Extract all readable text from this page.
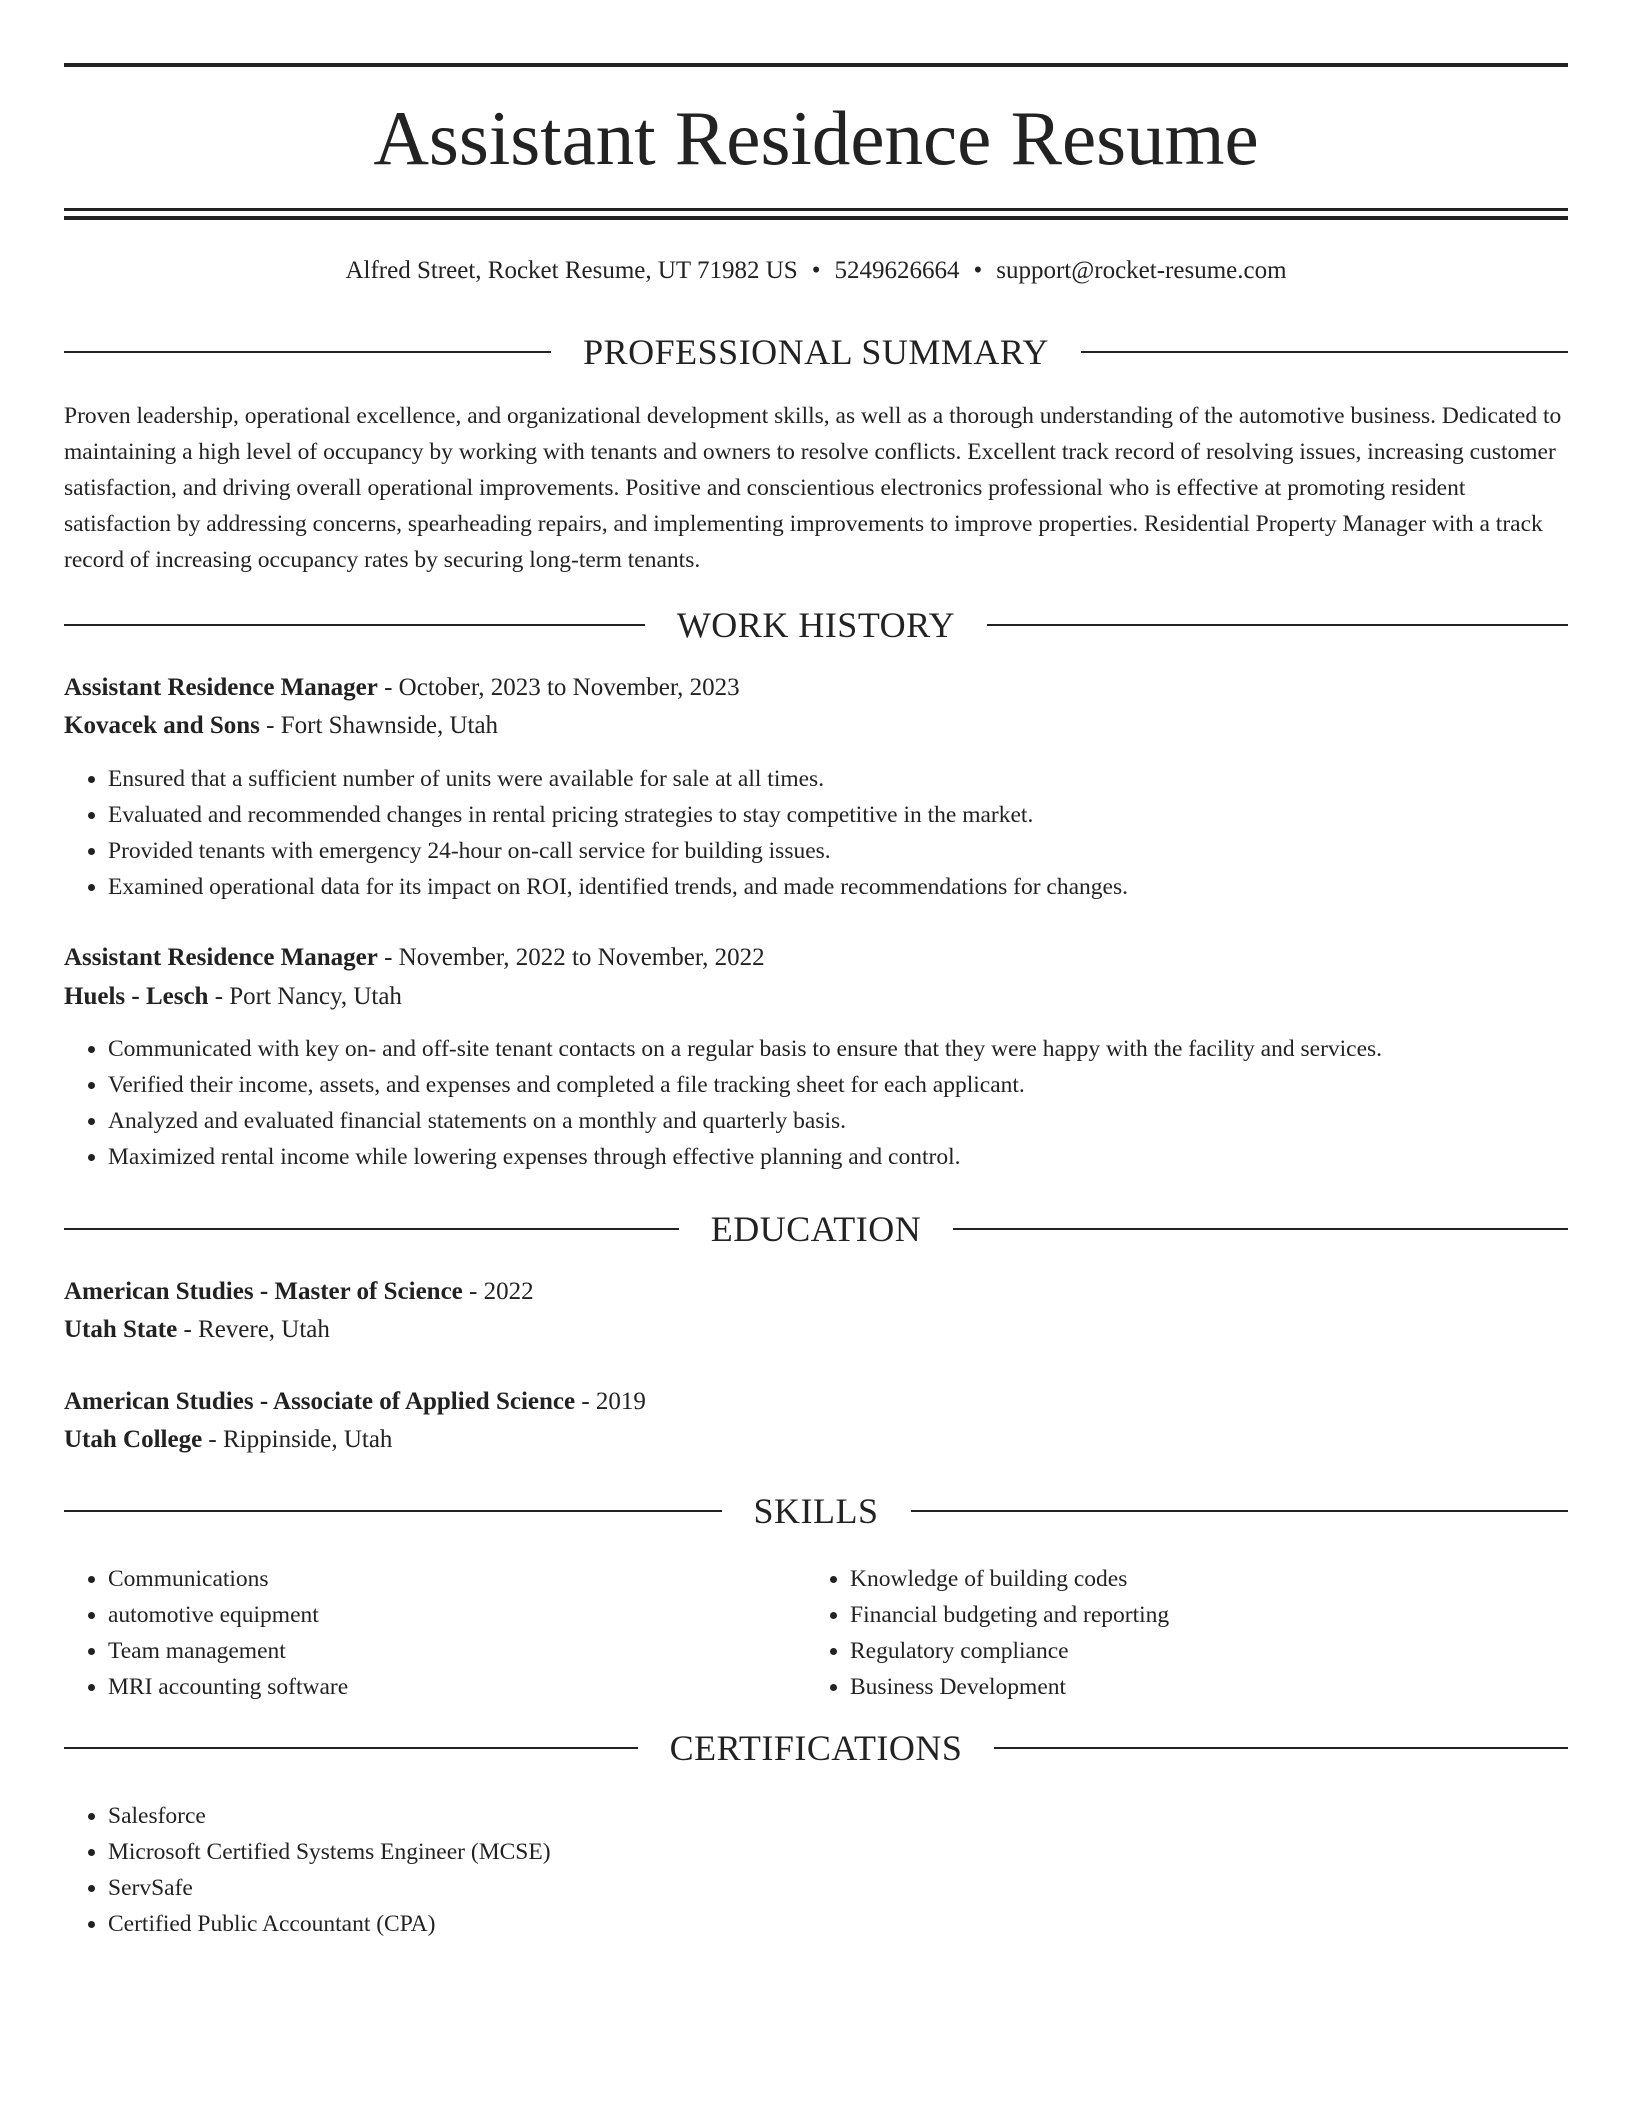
Assistant Residence Resume
Alfred Street, Rocket Resume, UT 71982 US • 5249626664 • support@rocket-resume.com
PROFESSIONAL SUMMARY

Proven leadership, operational excellence, and organizational development skills, as well as a thorough understanding of the automotive business. Dedicated to maintaining a high level of occupancy by working with tenants and owners to resolve conflicts. Excellent track record of resolving issues, increasing customer satisfaction, and driving overall operational improvements. Positive and conscientious electronics professional who is effective at promoting resident satisfaction by addressing concerns, spearheading repairs, and implementing improvements to improve properties. Residential Property Manager with a track record of increasing occupancy rates by securing long-term tenants.

WORK HISTORY
Assistant Residence Manager - October, 2023 to November, 2023
Kovacek and Sons - Fort Shawnside, Utah
• Ensured that a sufficient number of units were available for sale at all times.
• Evaluated and recommended changes in rental pricing strategies to stay competitive in the market.
• Provided tenants with emergency 24-hour on-call service for building issues.
• Examined operational data for its impact on ROI, identified trends, and made recommendations for changes.
Assistant Residence Manager - November, 2022 to November, 2022
Huels - Lesch - Port Nancy, Utah
• Communicated with key on- and off-site tenant contacts on a regular basis to ensure that they were happy with the facility and services.
• Verified their income, assets, and expenses and completed a file tracking sheet for each applicant.
• Analyzed and evaluated financial statements on a monthly and quarterly basis.
• Maximized rental income while lowering expenses through effective planning and control.
EDUCATION
American Studies - Master of Science - 2022
Utah State - Revere, Utah
American Studies - Associate of Applied Science - 2019
Utah College - Rippinside, Utah
SKILLS
• Communications
• automotive equipment
• Team management
• MRI accounting software
• Knowledge of building codes
• Financial budgeting and reporting
• Regulatory compliance
• Business Development
CERTIFICATIONS
• Salesforce
• Microsoft Certified Systems Engineer (MCSE)
• ServSafe
• Certified Public Accountant (CPA)
